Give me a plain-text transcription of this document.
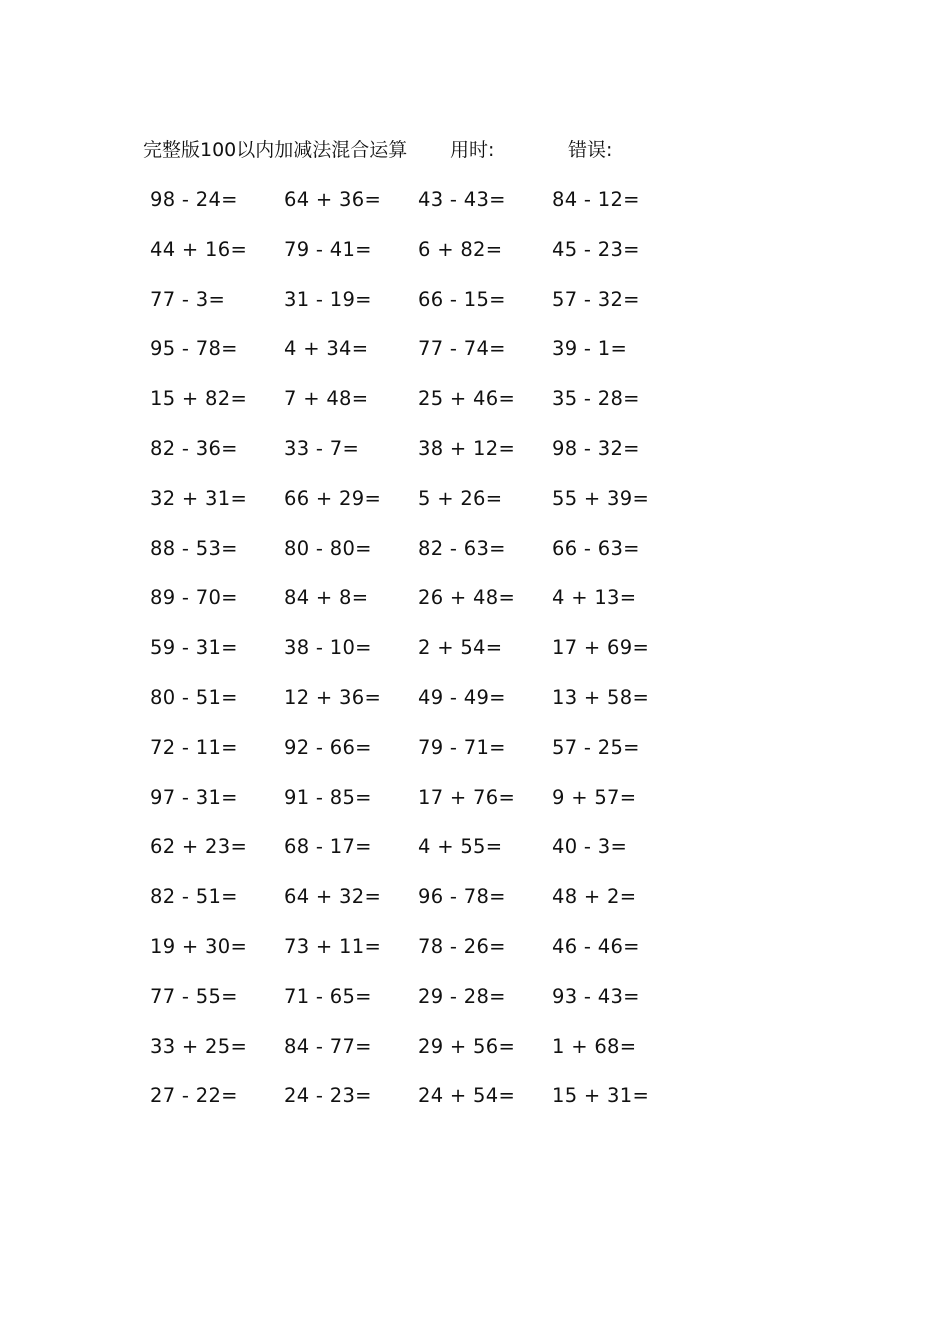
完整版100以内加减法混合运算 用时:	错误:
98 - 24= 64 + 36= 43 - 43= 84 - 12=
44 + 16= 79 - 41= 6 + 82=	45 - 23=
77 - 3=	31 - 19= 66 - 15= 57 - 32=
95 - 78= 4 + 34=	77 - 74= 39 - 1=
15 + 82= 7 + 48=	25 + 46= 35 - 28=
82 - 36= 33 - 7=	38 + 12= 98 - 32=
32 + 31= 66 + 29= 5 + 26=	55 + 39=
88 - 53= 80 - 80= 82 - 63= 66 - 63=
89 - 70= 84 + 8=	26 + 48= 4 + 13=
59 - 31= 38 - 10= 2 + 54=	17 + 69=
80 - 51= 12 + 36= 49 - 49= 13 + 58=
72 - 11= 92 - 66= 79 - 71= 57 - 25=
97 - 31= 91 - 85= 17 + 76= 9 + 57=
62 + 23= 68 - 17= 4 + 55=	40 - 3=
82 - 51= 64 + 32= 96 - 78= 48 + 2=
19 + 30= 73 + 11= 78 - 26= 46 - 46=
77 - 55= 71 - 65= 29 - 28= 93 - 43=
33 + 25= 84 - 77= 29 + 56= 1 + 68=
27 - 22= 24 - 23= 24 + 54= 15 + 31=
